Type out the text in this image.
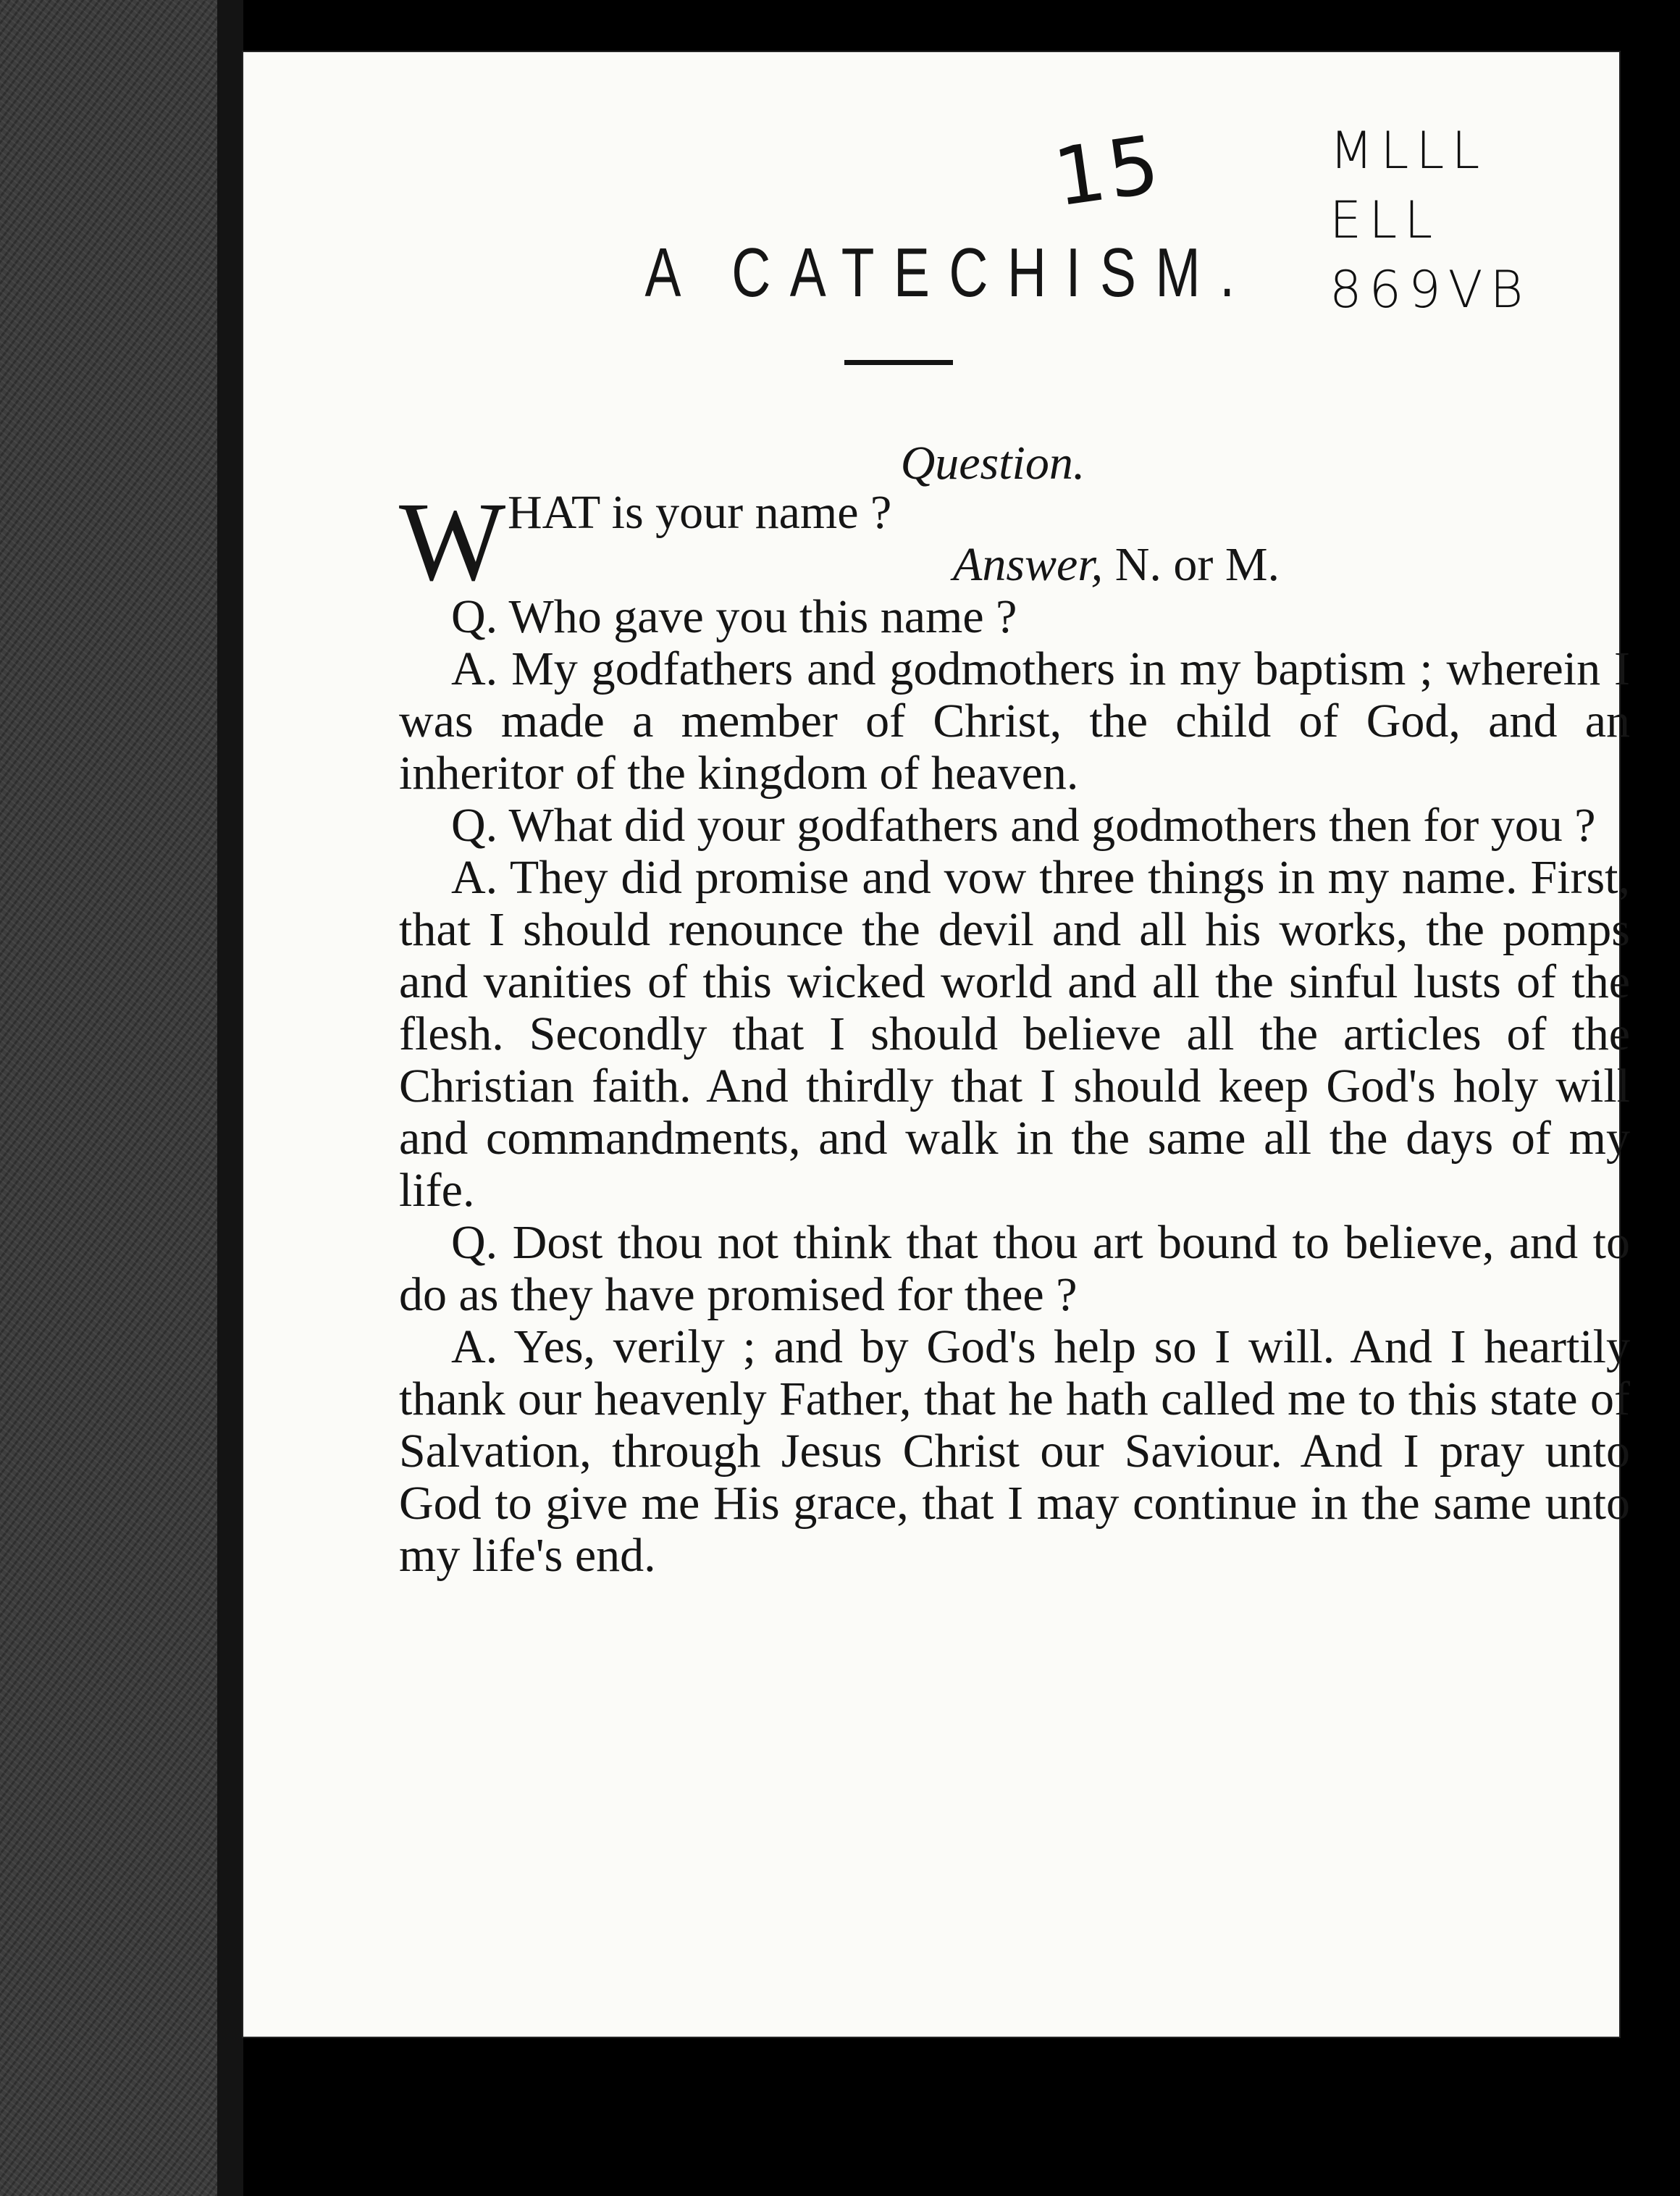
15	MLLL
ELL
869VB
A CATECHISM.
Question.
W HAT is your name ?
Answer, N. or M.

Q. Who gave you this name ?

A. My godfathers and godmothers in my baptism ; wherein I was made a member of Christ, the child of God, and an inheritor of the kingdom of heaven.

Q. What did your godfathers and godmothers then for you ?

A. They did promise and vow three things in my name. First, that I should renounce the devil and all his works, the pomps and vanities of this wicked world and all the sinful lusts of the flesh. Secondly that I should believe all the articles of the Christian faith. And thirdly that I should keep God's holy will and commandments, and walk in the same all the days of my life.

Q. Dost thou not think that thou art bound to believe, and to do as they have promised for thee ?

A. Yes, verily ; and by God's help so I will. And I heartily thank our heavenly Father, that he hath called me to this state of Salvation, through Jesus Christ our Saviour. And I pray unto God to give me His grace, that I may continue in the same unto my life's end.
